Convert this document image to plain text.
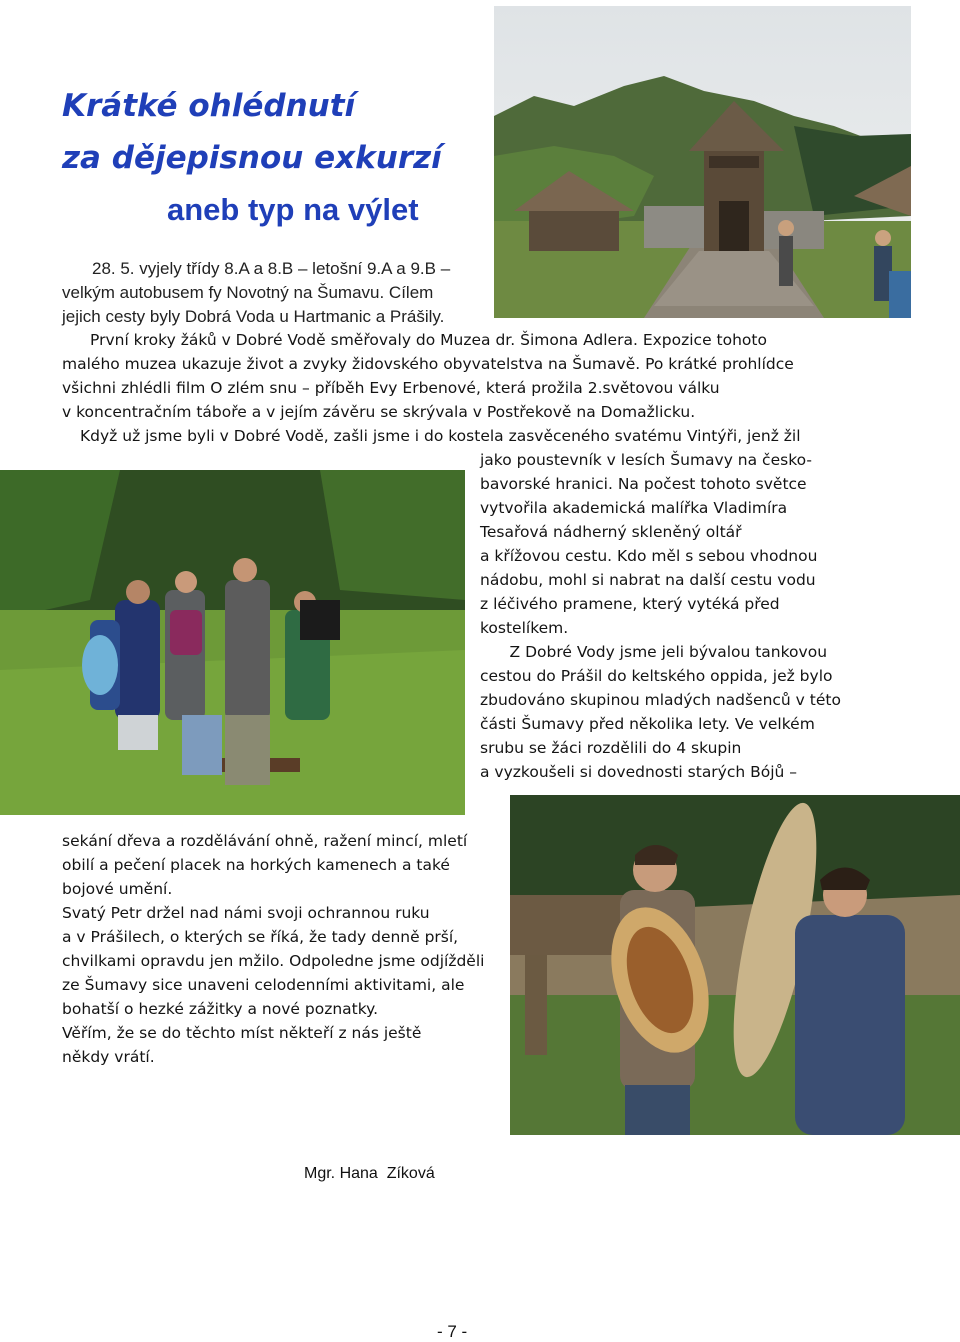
Krátké ohlédnutí
za dějepisnou exkurzí
aneb typ na výlet
28. 5. vyjely třídy 8.A a 8.B – letošní 9.A a 9.B –
velkým autobusem fy Novotný na Šumavu. Cílem
jejich cesty byly Dobrá Voda u Hartmanic a Prášily.
První kroky žáků v Dobré Vodě směřovaly do Muzea dr. Šimona Adlera. Expozice tohoto
malého muzea ukazuje život a zvyky židovského obyvatelstva na Šumavě. Po krátké prohlídce
všichni zhlédli film O zlém snu – příběh Evy Erbenové, která prožila 2.světovou válku
v koncentračním táboře a v jejím závěru se skrývala v Postřekově na Domažlicku.
Když už jsme byli v Dobré Vodě, zašli jsme i do kostela zasvěceného svatému Vintýři, jenž žil
jako poustevník v lesích Šumavy na česko-
bavorské hranici. Na počest tohoto světce
vytvořila akademická malířka Vladimíra
Tesařová nádherný skleněný oltář
a křížovou cestu. Kdo měl s sebou vhodnou
nádobu, mohl si nabrat na další cestu vodu
z léčivého pramene, který vytéká před
kostelíkem.
Z Dobré Vody jsme jeli bývalou tankovou
cestou do Prášil do keltského oppida, jež bylo
zbudováno skupinou mladých nadšenců v této
části Šumavy před několika lety. Ve velkém
srubu se žáci rozdělili do 4 skupin
a vyzkoušeli si dovednosti starých Bójů –
sekání dřeva a rozdělávání ohně, ražení mincí, mletí
obilí a pečení placek na horkých kamenech a také
bojové umění.
Svatý Petr držel nad námi svoji ochrannou ruku
a v Prášilech, o kterých se říká, že tady denně prší,
chvilkami opravdu jen mžilo. Odpoledne jsme odjížděli
ze Šumavy sice unaveni celodenními aktivitami, ale
bohatší o hezké zážitky a nové poznatky.
Věřím, že se do těchto míst někteří z nás ještě
někdy vrátí.
Mgr. Hana  Zíková
- 7 -
